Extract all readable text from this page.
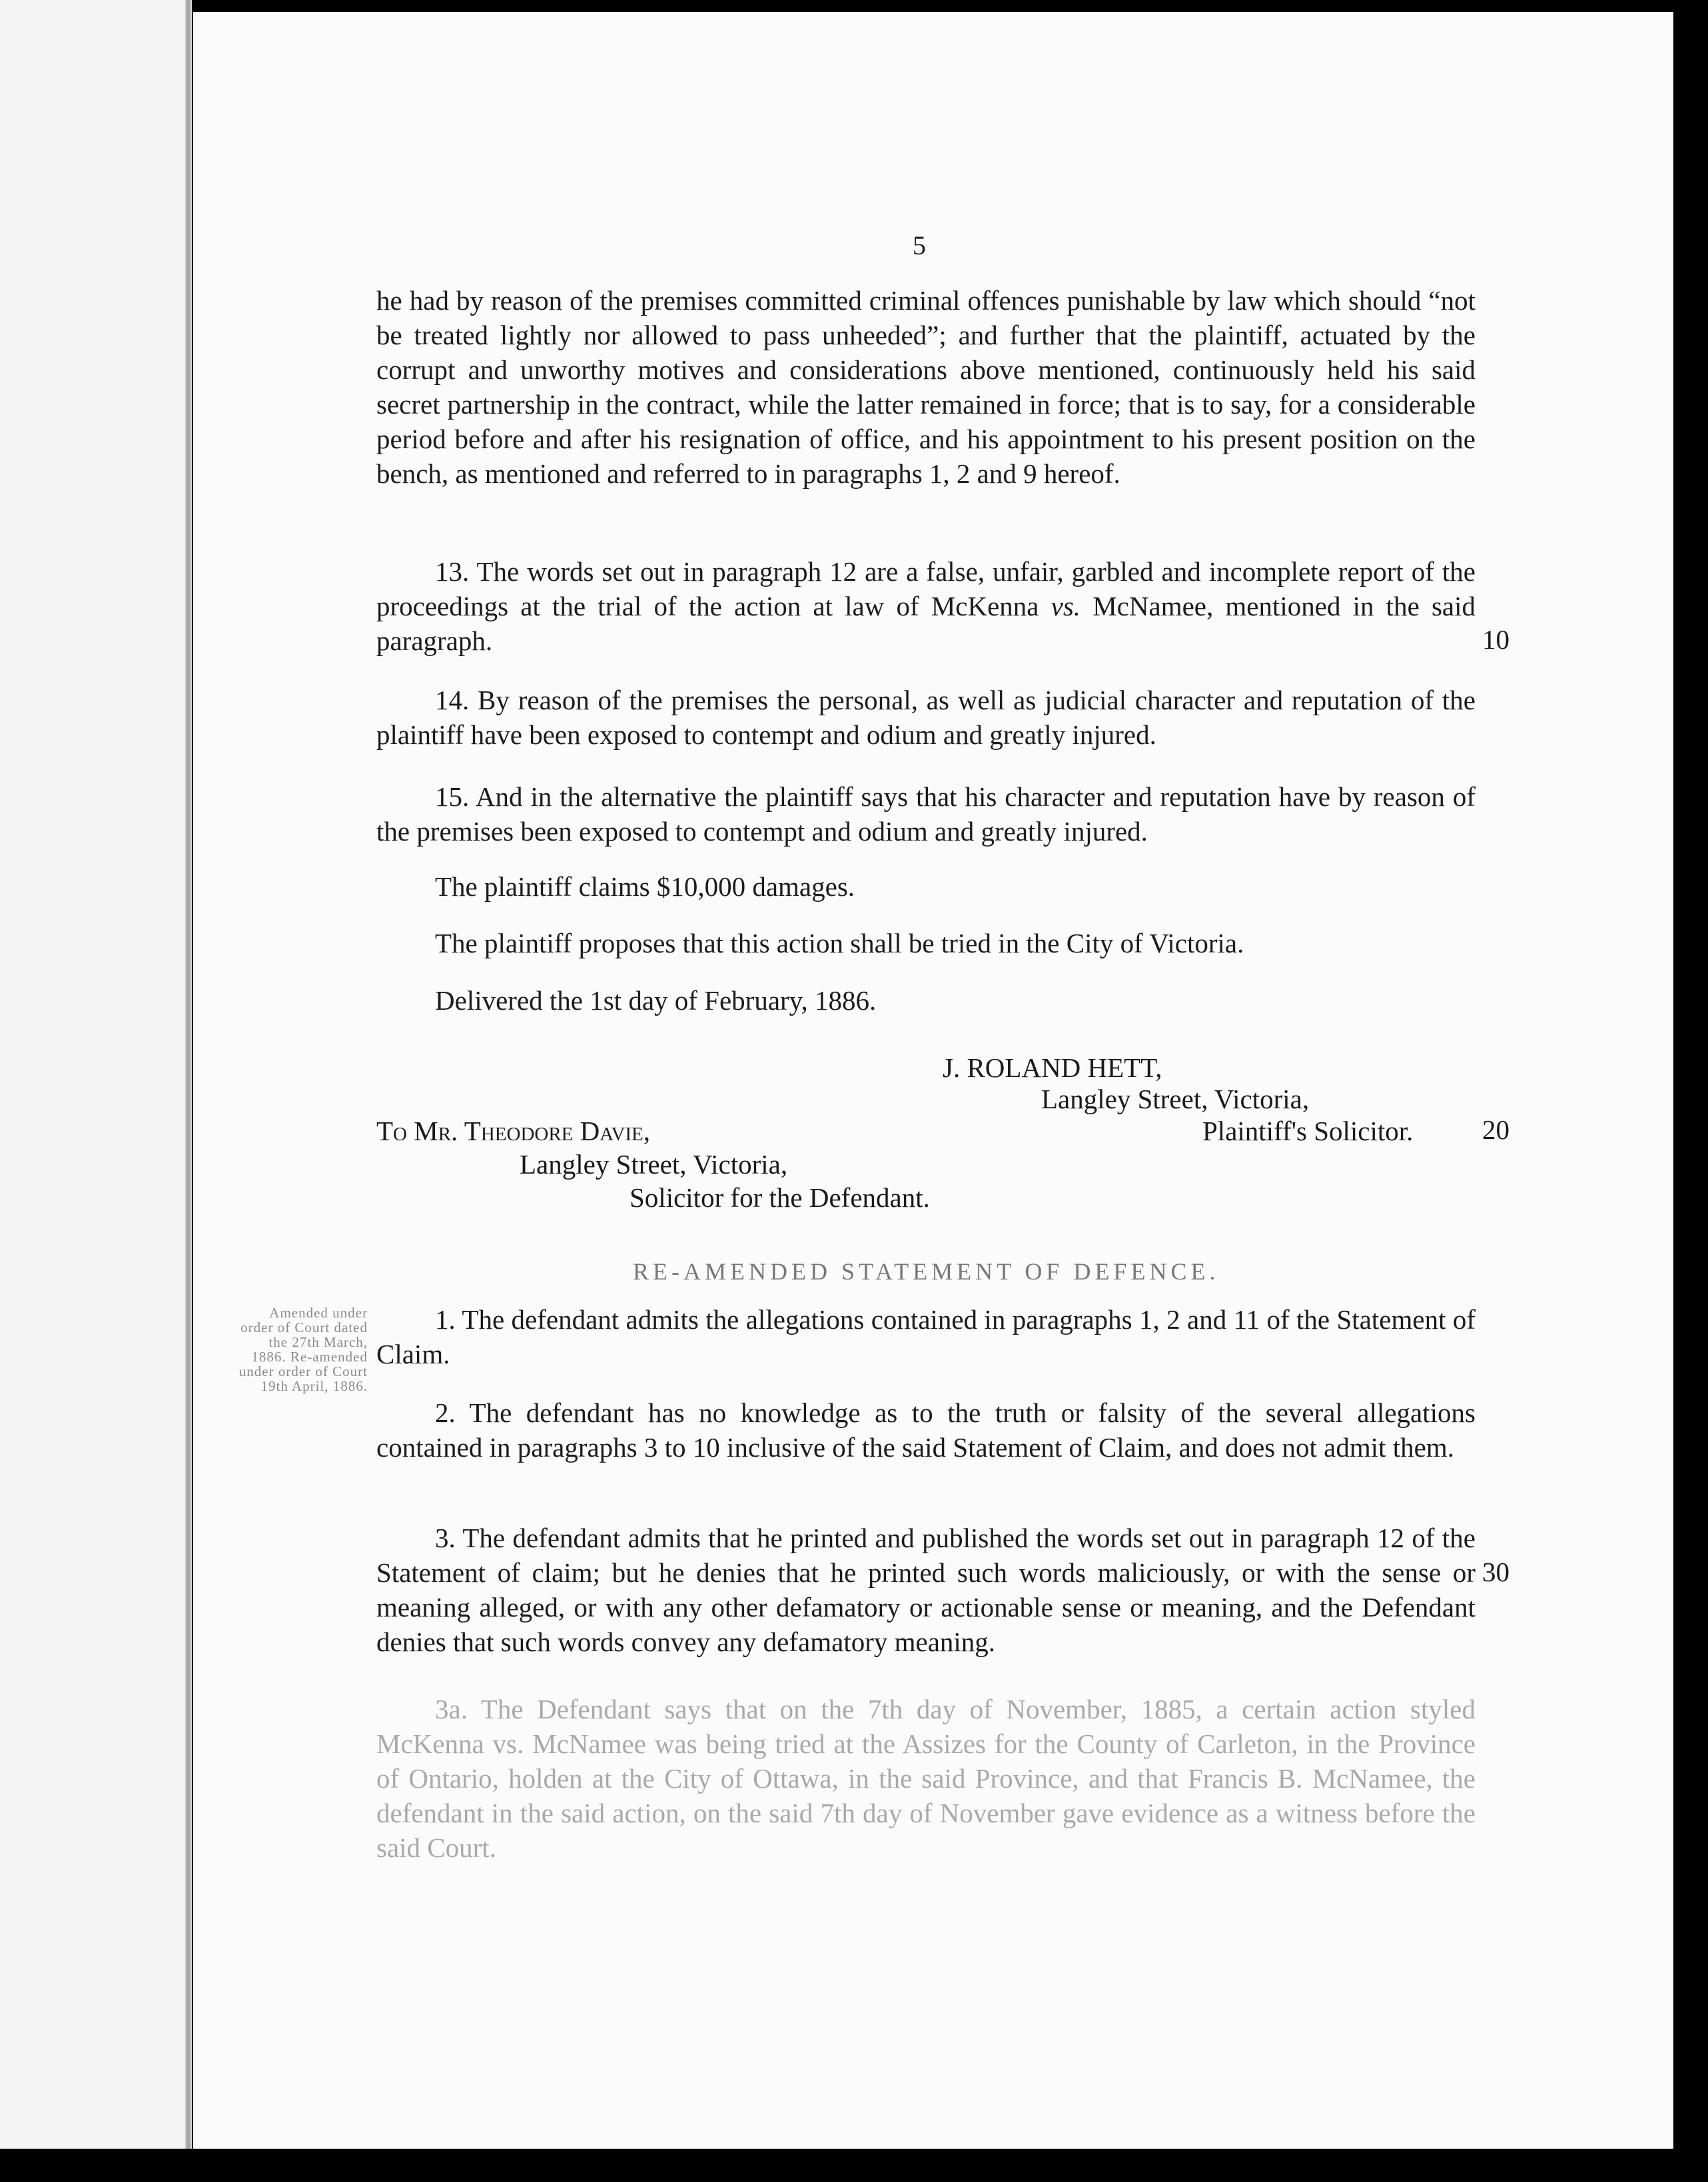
5

he had by reason of the premises committed criminal offences punishable by law which should “not be treated lightly nor allowed to pass unheeded”; and further that the plaintiff, actuated by the corrupt and unworthy motives and considerations above mentioned, continuously held his said secret partnership in the contract, while the latter remained in force; that is to say, for a considerable period before and after his resignation of office, and his appointment to his present position on the bench, as mentioned and referred to in paragraphs 1, 2 and 9 hereof.

13. The words set out in paragraph 12 are a false, unfair, garbled and incomplete report of the proceedings at the trial of the action at law of McKenna vs. McNamee, mentioned in the said paragraph.	10

14. By reason of the premises the personal, as well as judicial character and reputation of the plaintiff have been exposed to contempt and odium and greatly injured.

15. And in the alternative the plaintiff says that his character and reputation have by reason of the premises been exposed to contempt and odium and greatly injured.

The plaintiff claims $10,000 damages.
The plaintiff proposes that this action shall be tried in the City of Victoria.
Delivered the 1st day of February, 1886.
J. ROLAND HETT,
Langley Street, Victoria,
Plaintiff's Solicitor.	20
To Mr. Theodore Davie,
Langley Street, Victoria,
Solicitor for the Defendant.
RE-AMENDED STATEMENT OF DEFENCE.
Amended under order of Court dated the 27th March, 1886. Re-amended under order of Court 19th April, 1886.

1. The defendant admits the allegations contained in paragraphs 1, 2 and 11 of the Statement of Claim.

2. The defendant has no knowledge as to the truth or falsity of the several allegations contained in paragraphs 3 to 10 inclusive of the said Statement of Claim, and does not admit them.

3. The defendant admits that he printed and published the words set out in paragraph 12 of the Statement of claim; but he denies that he printed such words maliciously, or with the sense or meaning alleged, or with any other defamatory or actionable sense or meaning, and the Defendant denies that such words convey any defamatory meaning.

30

3a. The Defendant says that on the 7th day of November, 1885, a certain action styled McKenna vs. McNamee was being tried at the Assizes for the County of Carleton, in the Province of Ontario, holden at the City of Ottawa, in the said Province, and that Francis B. McNamee, the defendant in the said action, on the said 7th day of November gave evidence as a witness before the said Court.
